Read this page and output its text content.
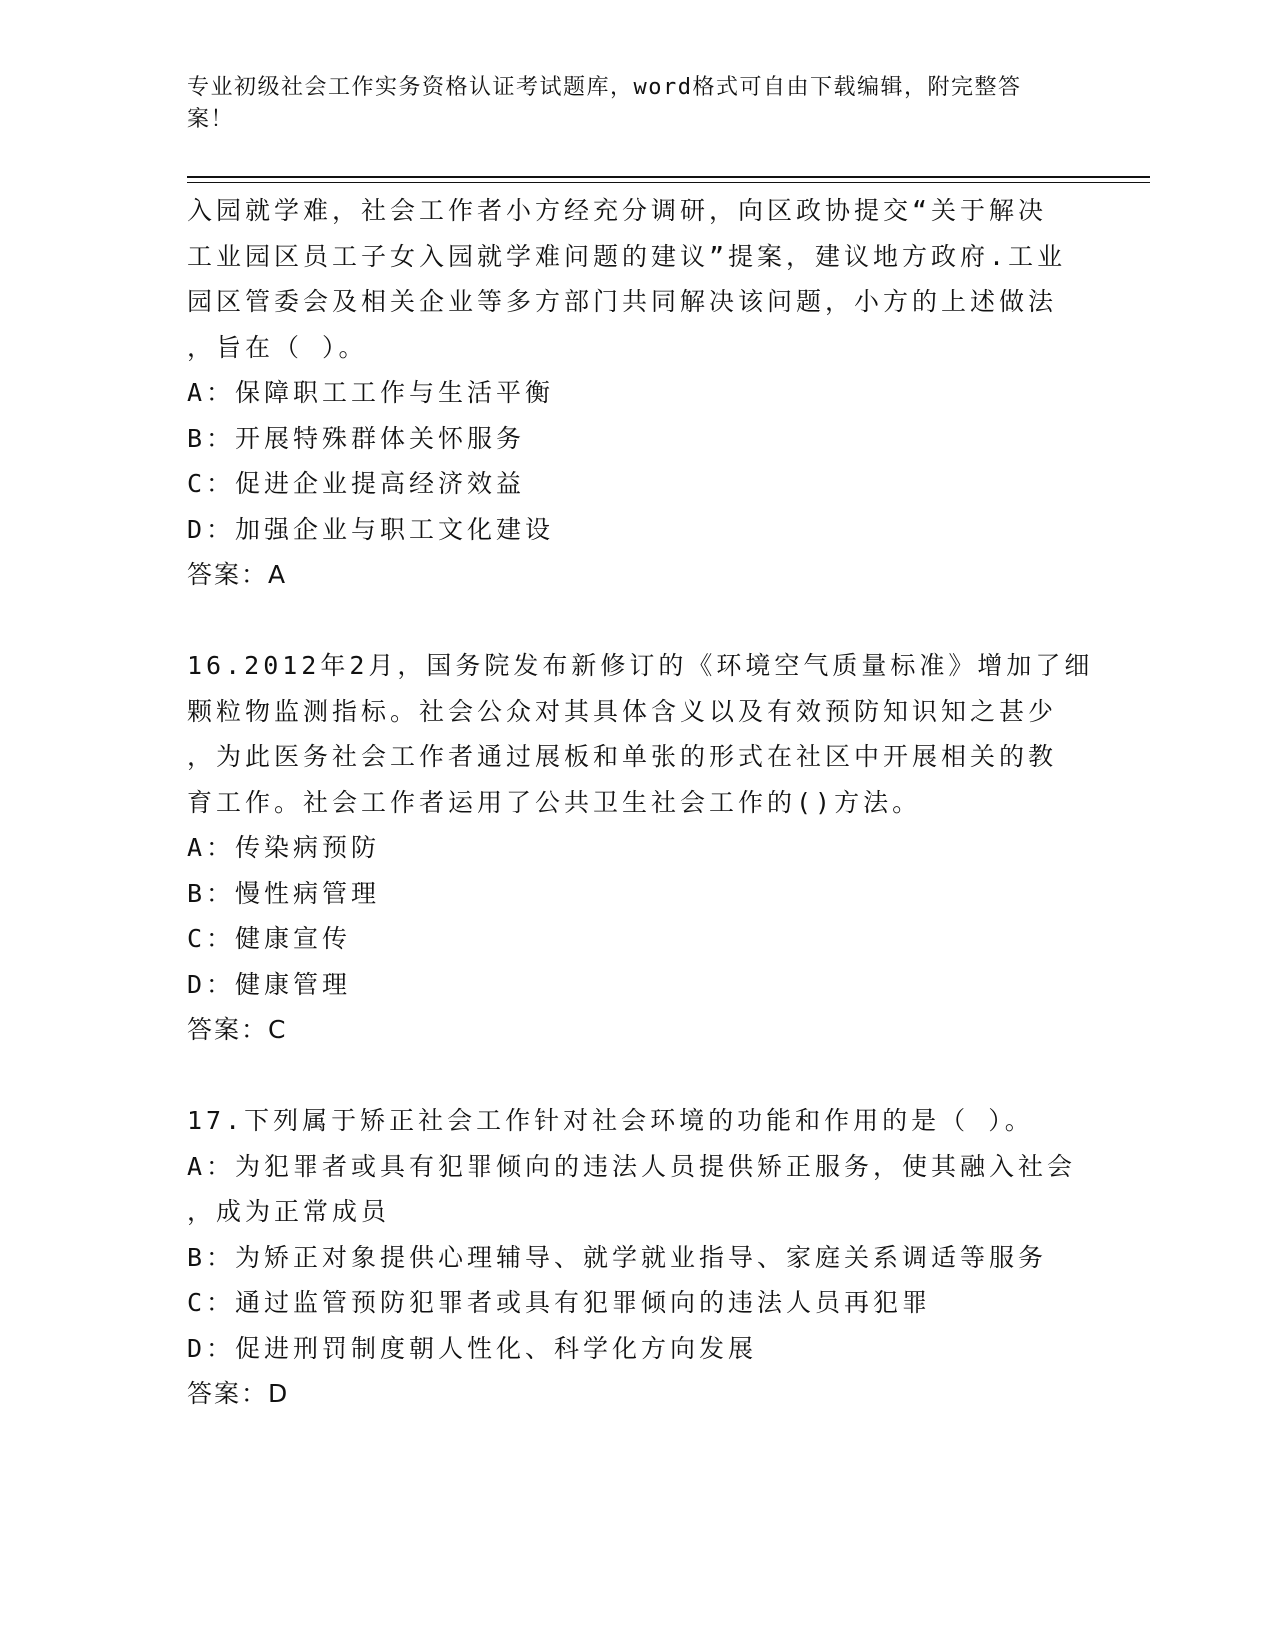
专业初级社会工作实务资格认证考试题库，word格式可自由下载编辑，附完整答
案！
入园就学难，社会工作者小方经充分调研，向区政协提交“关于解决
工业园区员工子女入园就学难问题的建议”提案，建议地方政府.工业
园区管委会及相关企业等多方部门共同解决该问题，小方的上述做法
，旨在（ ）。
A：保障职工工作与生活平衡
B：开展特殊群体关怀服务
C：促进企业提高经济效益
D：加强企业与职工文化建设
答案：A
16.2012年2月，国务院发布新修订的《环境空气质量标准》增加了细
颗粒物监测指标。社会公众对其具体含义以及有效预防知识知之甚少
，为此医务社会工作者通过展板和单张的形式在社区中开展相关的教
育工作。社会工作者运用了公共卫生社会工作的()方法。
A：传染病预防
B：慢性病管理
C：健康宣传
D：健康管理
答案：C
17.下列属于矫正社会工作针对社会环境的功能和作用的是（ ）。
A：为犯罪者或具有犯罪倾向的违法人员提供矫正服务，使其融入社会
，成为正常成员
B：为矫正对象提供心理辅导、就学就业指导、家庭关系调适等服务
C：通过监管预防犯罪者或具有犯罪倾向的违法人员再犯罪
D：促进刑罚制度朝人性化、科学化方向发展
答案：D
